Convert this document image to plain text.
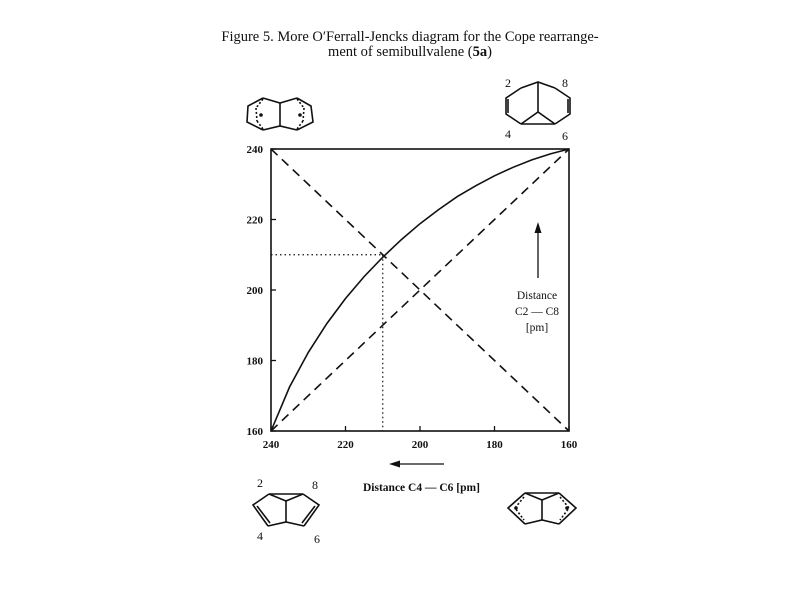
Figure 5. More O′Ferrall-Jencks diagram for the Cope rearrange-
ment of semibullvalene (5a)
240	220	200	180	160
160
180
200
220
240
2	8
4	6
2	8
4	6
Distance C4 — C6 [pm]
Distance
C2 — C8
[pm]
